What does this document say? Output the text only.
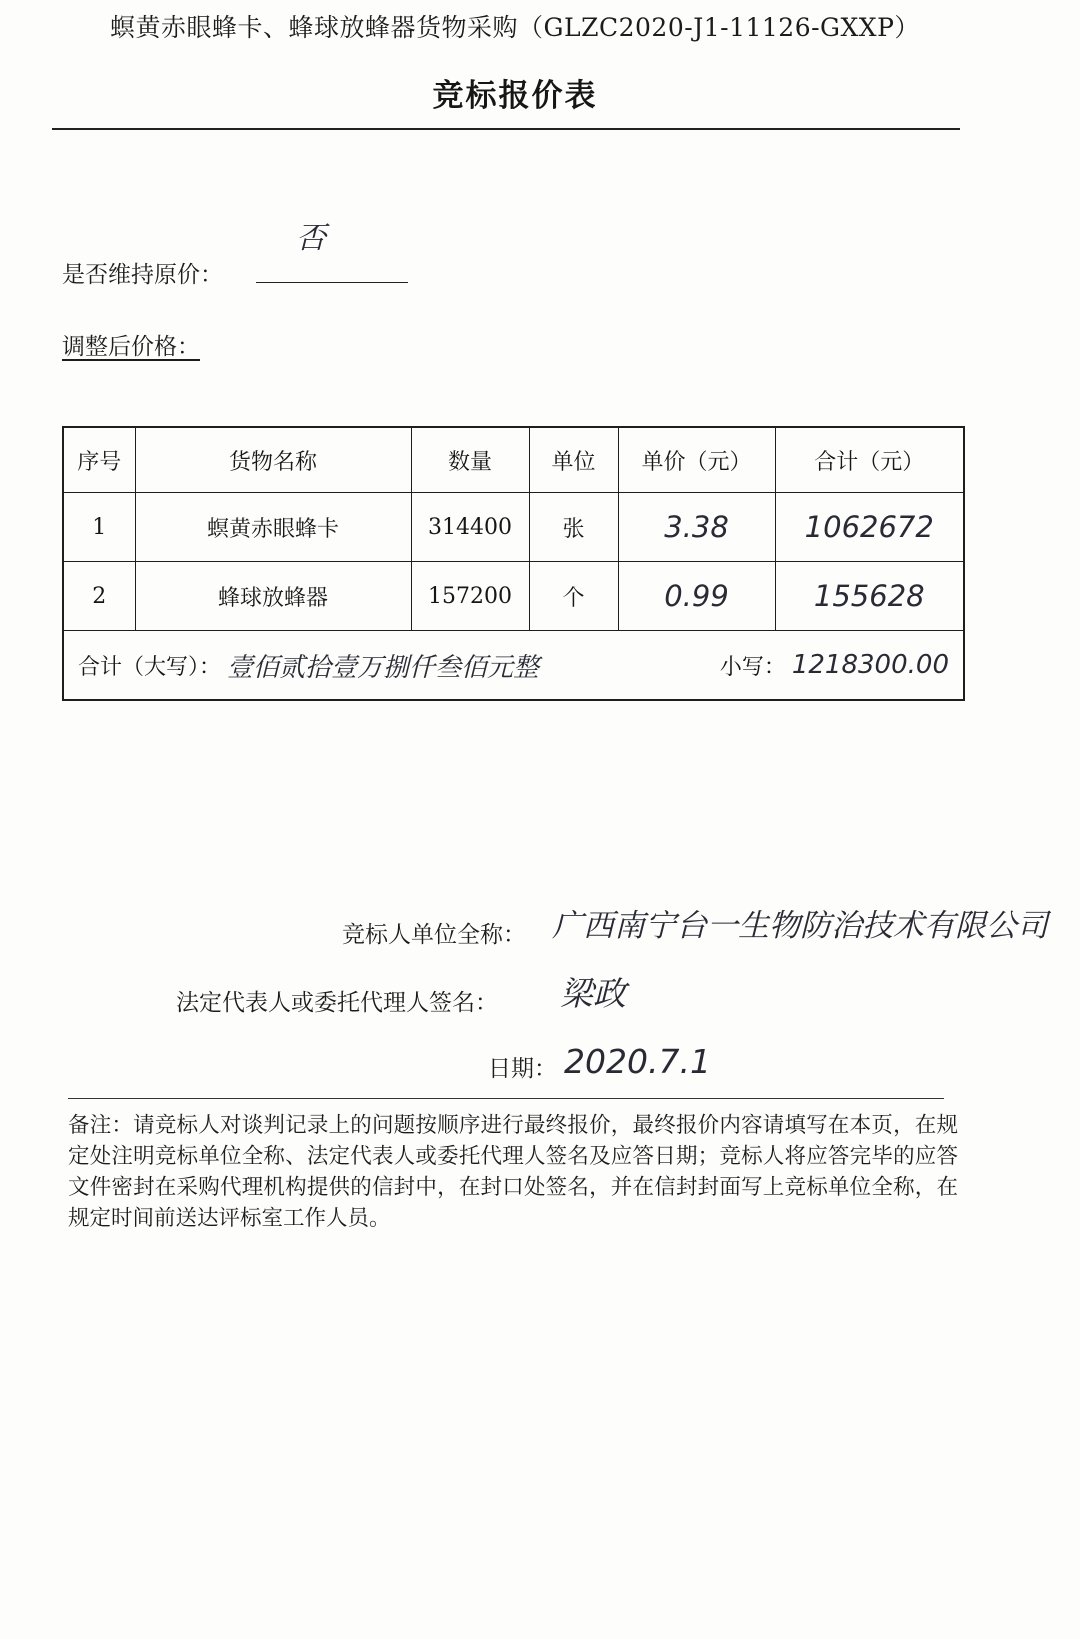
螟黄赤眼蜂卡、蜂球放蜂器货物采购（GLZC2020-J1-11126-GXXP）
竞标报价表
是否维持原价：
否
调整后价格：
序号	货物名称	数量	单位	单价（元）	合计（元）
1	螟黄赤眼蜂卡	314400	张	3.38	1062672
2	蜂球放蜂器	157200	个	0.99	155628

合计（大写）： 壹佰贰拾壹万捌仟叁佰元整 小写： 1218300.00					
竞标人单位全称： 广西南宁台一生物防治技术有限公司
法定代表人或委托代理人签名： 梁政
日期： 2020.7.1
备注：请竞标人对谈判记录上的问题按顺序进行最终报价，最终报价内容请填写在本页，在规定处注明竞标单位全称、法定代表人或委托代理人签名及应答日期；竞标人将应答完毕的应答文件密封在采购代理机构提供的信封中，在封口处签名，并在信封封面写上竞标单位全称，在规定时间前送达评标室工作人员。
